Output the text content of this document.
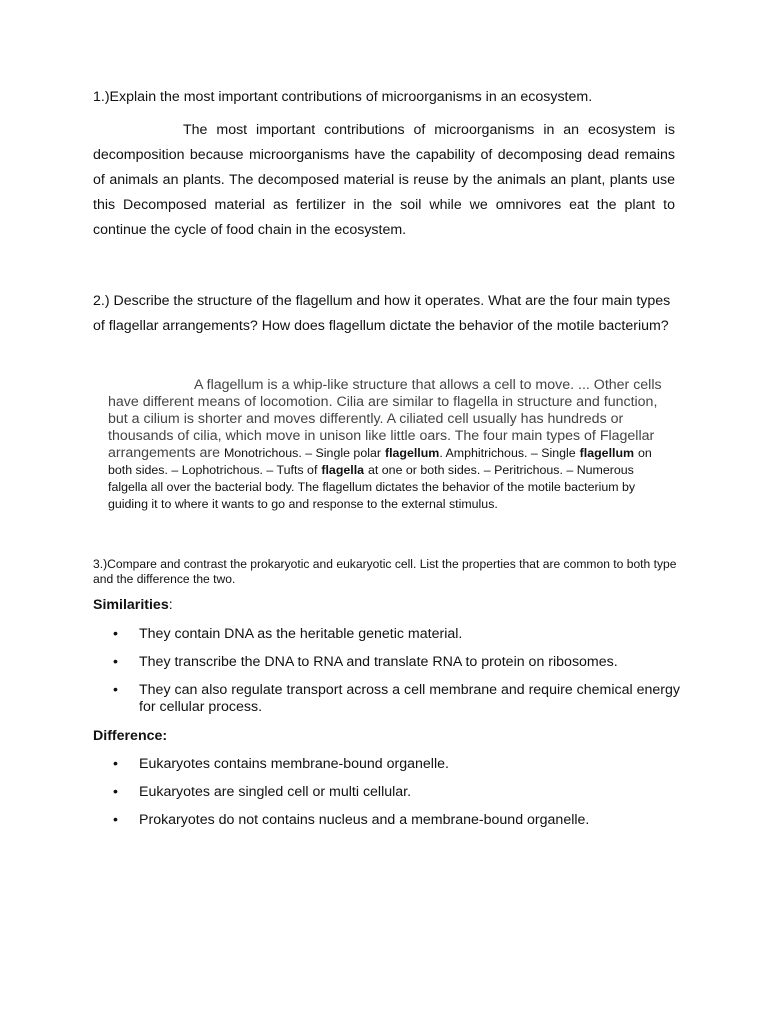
1.)Explain the most important contributions of microorganisms in an ecosystem.

The most important contributions of microorganisms in an ecosystem is decomposition because microorganisms have the capability of decomposing dead remains of animals an plants. The decomposed material is reuse by the animals an plant, plants use this Decomposed material as fertilizer in the soil while we omnivores eat the plant to continue the cycle of food chain in the ecosystem.

2.) Describe the structure of the flagellum and how it operates. What are the four main types of flagellar arrangements? How does flagellum dictate the behavior of the motile bacterium?

A flagellum is a whip-like structure that allows a cell to move. ... Other cells have different means of locomotion. Cilia are similar to flagella in structure and function, but a cilium is shorter and moves differently. A ciliated cell usually has hundreds or thousands of cilia, which move in unison like little oars. The four main types of Flagellar arrangements are Monotrichous. – Single polar flagellum. Amphitrichous. – Single flagellum on both sides. – Lophotrichous. – Tufts of flagella at one or both sides. – Peritrichous. – Numerous falgella all over the bacterial body. The flagellum dictates the behavior of the motile bacterium by guiding it to where it wants to go and response to the external stimulus.

3.)Compare and contrast the prokaryotic and eukaryotic cell. List the properties that are common to both type and the difference the two.

Similarities:

• They contain DNA as the heritable genetic material.
• They transcribe the DNA to RNA and translate RNA to protein on ribosomes.
• They can also regulate transport across a cell membrane and require chemical energy for cellular process.

Difference:

• Eukaryotes contains membrane-bound organelle.
• Eukaryotes are singled cell or multi cellular.
• Prokaryotes do not contains nucleus and a membrane-bound organelle.
